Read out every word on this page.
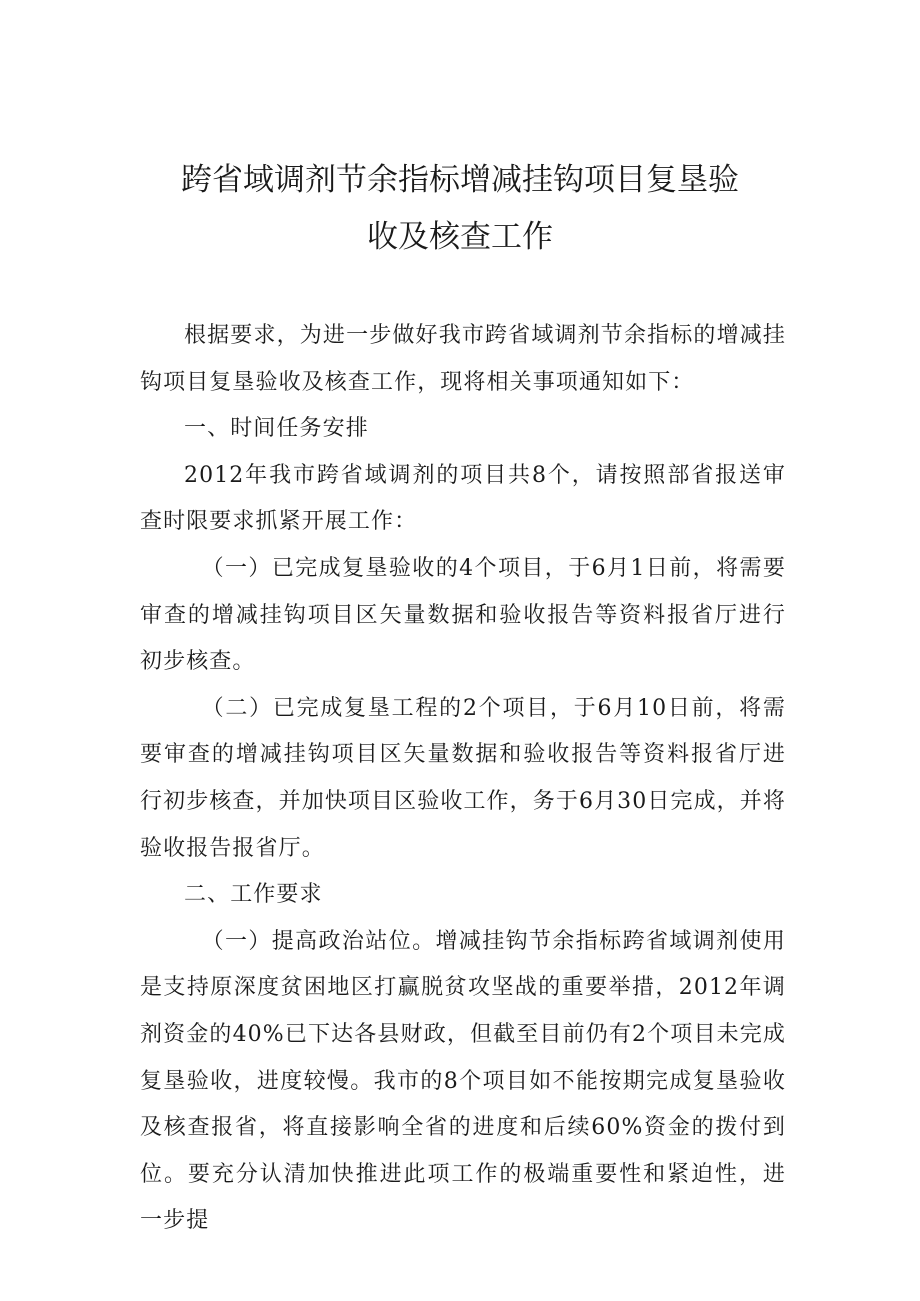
跨省域调剂节余指标增减挂钩项目复垦验
收及核查工作

根据要求，为进一步做好我市跨省域调剂节余指标的增减挂钩项目复垦验收及核查工作，现将相关事项通知如下：

一、时间任务安排

2012年我市跨省域调剂的项目共8个，请按照部省报送审查时限要求抓紧开展工作：

（一）已完成复垦验收的4个项目，于6月1日前，将需要审查的增减挂钩项目区矢量数据和验收报告等资料报省厅进行初步核查。

（二）已完成复垦工程的2个项目，于6月10日前，将需要审查的增减挂钩项目区矢量数据和验收报告等资料报省厅进行初步核查，并加快项目区验收工作，务于6月30日完成，并将验收报告报省厅。

二、工作要求

（一）提高政治站位。增减挂钩节余指标跨省域调剂使用是支持原深度贫困地区打赢脱贫攻坚战的重要举措，2012年调剂资金的40%已下达各县财政，但截至目前仍有2个项目未完成复垦验收，进度较慢。我市的8个项目如不能按期完成复垦验收及核查报省，将直接影响全省的进度和后续60%资金的拨付到位。要充分认清加快推进此项工作的极端重要性和紧迫性，进一步提
